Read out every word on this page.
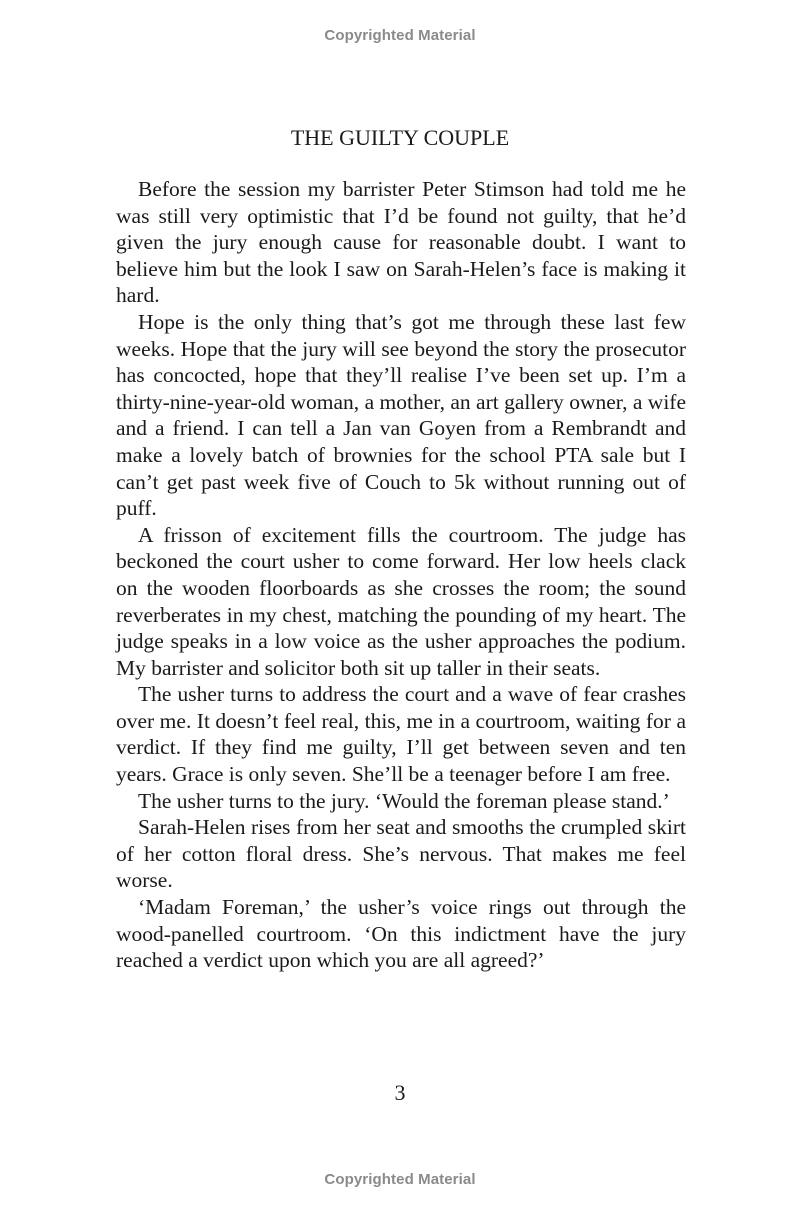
Copyrighted Material
THE GUILTY COUPLE

Before the session my barrister Peter Stimson had told me he was still very optimistic that I’d be found not guilty, that he’d given the jury enough cause for reasonable doubt. I want to believe him but the look I saw on Sarah-Helen’s face is making it hard.

Hope is the only thing that’s got me through these last few weeks. Hope that the jury will see beyond the story the prosecutor has concocted, hope that they’ll realise I’ve been set up. I’m a thirty-nine-year-old woman, a mother, an art gallery owner, a wife and a friend. I can tell a Jan van Goyen from a Rembrandt and make a lovely batch of brownies for the school PTA sale but I can’t get past week five of Couch to 5k without running out of puff.

A frisson of excitement fills the courtroom. The judge has beckoned the court usher to come forward. Her low heels clack on the wooden floorboards as she crosses the room; the sound reverberates in my chest, matching the pounding of my heart. The judge speaks in a low voice as the usher approaches the podium. My barrister and solicitor both sit up taller in their seats.

The usher turns to address the court and a wave of fear crashes over me. It doesn’t feel real, this, me in a courtroom, waiting for a verdict. If they find me guilty, I’ll get between seven and ten years. Grace is only seven. She’ll be a teenager before I am free.

The usher turns to the jury. ‘Would the foreman please stand.’

Sarah-Helen rises from her seat and smooths the crumpled skirt of her cotton floral dress. She’s nervous. That makes me feel worse.

‘Madam Foreman,’ the usher’s voice rings out through the wood-panelled courtroom. ‘On this indictment have the jury reached a verdict upon which you are all agreed?’

3
Copyrighted Material
